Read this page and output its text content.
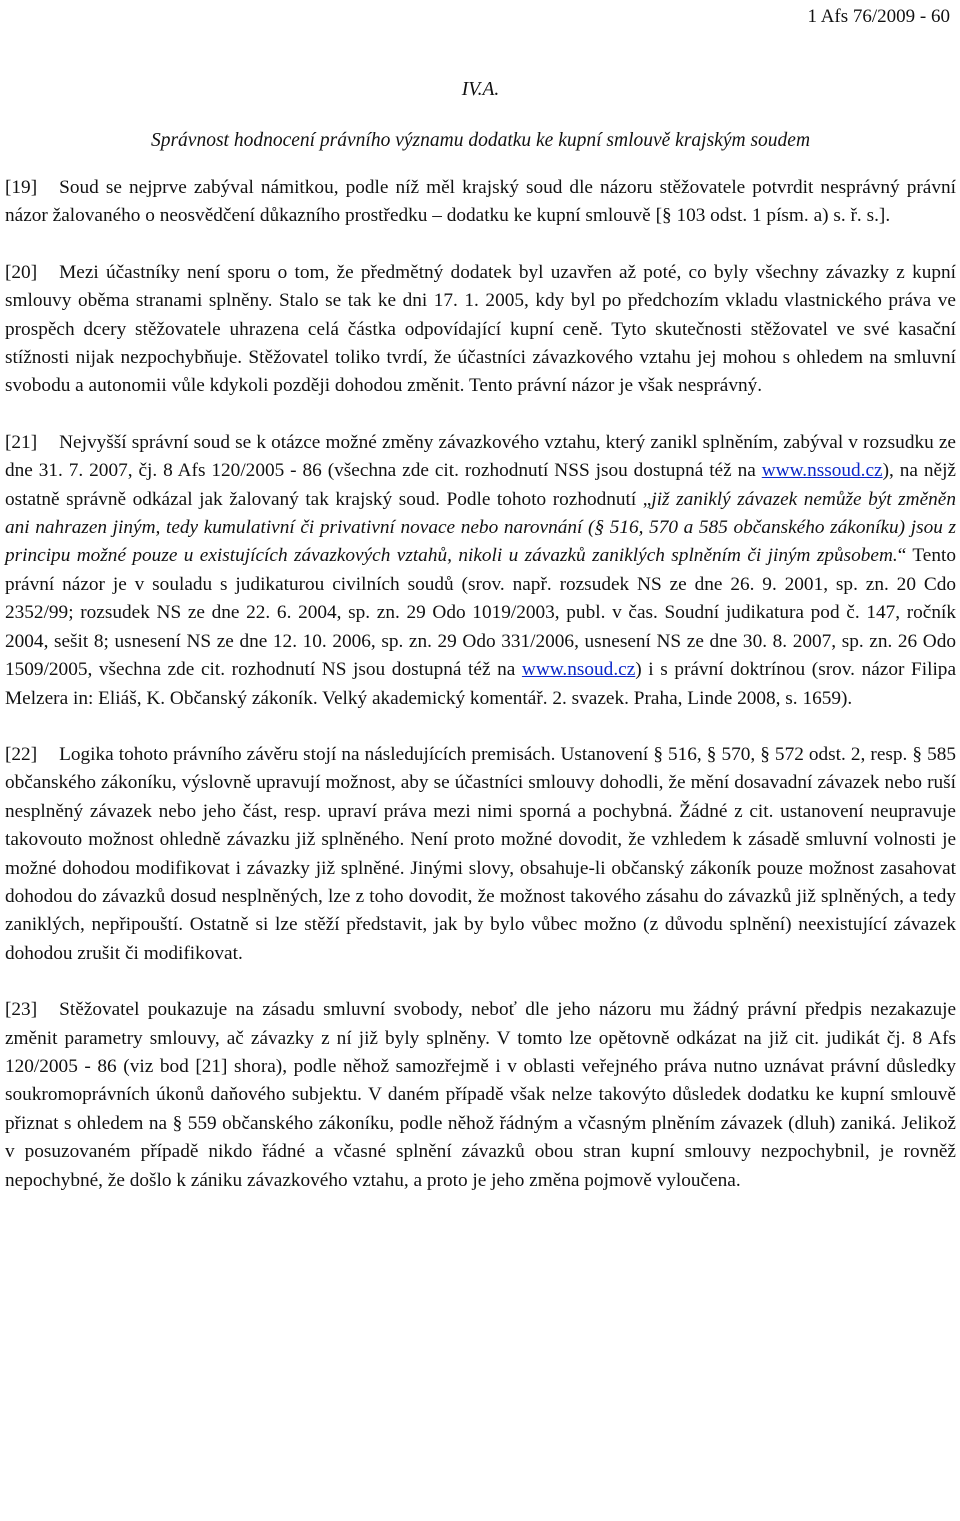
1 Afs 76/2009 - 60
IV.A.
Správnost hodnocení právního významu dodatku ke kupní smlouvě krajským soudem

[19] Soud se nejprve zabýval námitkou, podle níž měl krajský soud dle názoru stěžovatele potvrdit nesprávný právní názor žalovaného o neosvědčení důkazního prostředku – dodatku ke kupní smlouvě [§ 103 odst. 1 písm. a) s. ř. s.].

[20] Mezi účastníky není sporu o tom, že předmětný dodatek byl uzavřen až poté, co byly všechny závazky z kupní smlouvy oběma stranami splněny. Stalo se tak ke dni 17. 1. 2005, kdy byl po předchozím vkladu vlastnického práva ve prospěch dcery stěžovatele uhrazena celá částka odpovídající kupní ceně. Tyto skutečnosti stěžovatel ve své kasační stížnosti nijak nezpochybňuje. Stěžovatel toliko tvrdí, že účastníci závazkového vztahu jej mohou s ohledem na smluvní svobodu a autonomii vůle kdykoli později dohodou změnit. Tento právní názor je však nesprávný.

[21] Nejvyšší správní soud se k otázce možné změny závazkového vztahu, který zanikl splněním, zabýval v rozsudku ze dne 31. 7. 2007, čj. 8 Afs 120/2005 - 86 (všechna zde cit. rozhodnutí NSS jsou dostupná též na www.nssoud.cz), na nějž ostatně správně odkázal jak žalovaný tak krajský soud. Podle tohoto rozhodnutí „již zaniklý závazek nemůže být změněn ani nahrazen jiným, tedy kumulativní či privativní novace nebo narovnání (§ 516, 570 a 585 občanského zákoníku) jsou z principu možné pouze u existujících závazkových vztahů, nikoli u závazků zaniklých splněním či jiným způsobem.“ Tento právní názor je v souladu s judikaturou civilních soudů (srov. např. rozsudek NS ze dne 26. 9. 2001, sp. zn. 20 Cdo 2352/99; rozsudek NS ze dne 22. 6. 2004, sp. zn. 29 Odo 1019/2003, publ. v čas. Soudní judikatura pod č. 147, ročník 2004, sešit 8; usnesení NS ze dne 12. 10. 2006, sp. zn. 29 Odo 331/2006, usnesení NS ze dne 30. 8. 2007, sp. zn. 26 Odo 1509/2005, všechna zde cit. rozhodnutí NS jsou dostupná též na www.nsoud.cz) i s právní doktrínou (srov. názor Filipa Melzera in: Eliáš, K. Občanský zákoník. Velký akademický komentář. 2. svazek. Praha, Linde 2008, s. 1659).

[22] Logika tohoto právního závěru stojí na následujících premisách. Ustanovení § 516, § 570, § 572 odst. 2, resp. § 585 občanského zákoníku, výslovně upravují možnost, aby se účastníci smlouvy dohodli, že mění dosavadní závazek nebo ruší nesplněný závazek nebo jeho část, resp. upraví práva mezi nimi sporná a pochybná. Žádné z cit. ustanovení neupravuje takovouto možnost ohledně závazku již splněného. Není proto možné dovodit, že vzhledem k zásadě smluvní volnosti je možné dohodou modifikovat i závazky již splněné. Jinými slovy, obsahuje-li občanský zákoník pouze možnost zasahovat dohodou do závazků dosud nesplněných, lze z toho dovodit, že možnost takového zásahu do závazků již splněných, a tedy zaniklých, nepřipouští. Ostatně si lze stěží představit, jak by bylo vůbec možno (z důvodu splnění) neexistující závazek dohodou zrušit či modifikovat.

[23] Stěžovatel poukazuje na zásadu smluvní svobody, neboť dle jeho názoru mu žádný právní předpis nezakazuje změnit parametry smlouvy, ač závazky z ní již byly splněny. V tomto lze opětovně odkázat na již cit. judikát čj. 8 Afs 120/2005 - 86 (viz bod [21] shora), podle něhož samozřejmě i v oblasti veřejného práva nutno uznávat právní důsledky soukromoprávních úkonů daňového subjektu. V daném případě však nelze takovýto důsledek dodatku ke kupní smlouvě přiznat s ohledem na § 559 občanského zákoníku, podle něhož řádným a včasným plněním závazek (dluh) zaniká. Jelikož v posuzovaném případě nikdo řádné a včasné splnění závazků obou stran kupní smlouvy nezpochybnil, je rovněž nepochybné, že došlo k zániku závazkového vztahu, a proto je jeho změna pojmově vyloučena.
